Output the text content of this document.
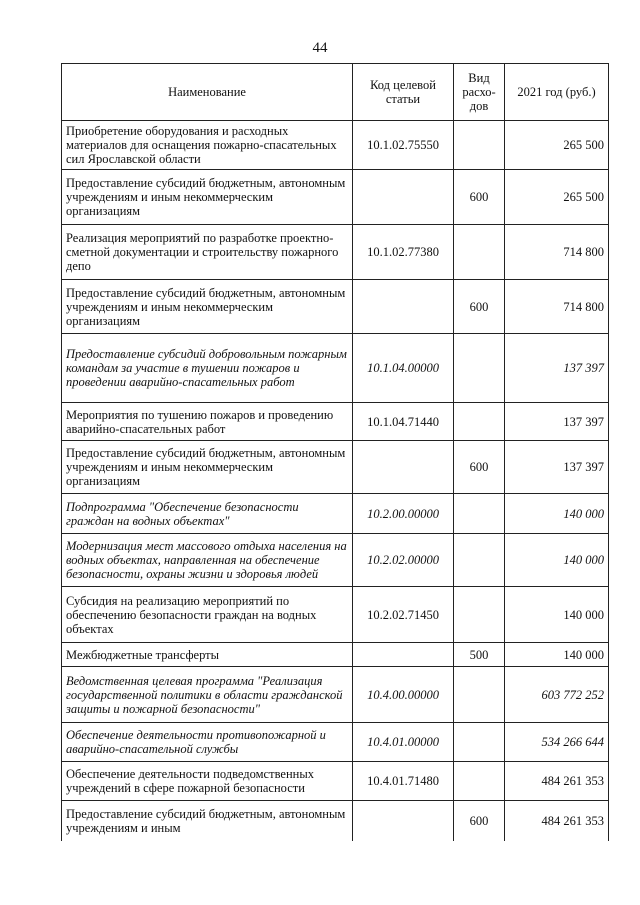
44
Наименование	Код целевой статьи	Вид расхо-дов	2021 год (руб.)
Приобретение оборудования и расходных материалов для оснащения пожарно-спасательных сил Ярославской области	10.1.02.75550		265 500
Предоставление субсидий бюджетным, автономным учреждениям и иным некоммерческим организациям		600	265 500
Реализация мероприятий по разработке проектно-сметной документации и строительству пожарного депо	10.1.02.77380		714 800
Предоставление субсидий бюджетным, автономным учреждениям и иным некоммерческим организациям		600	714 800
Предоставление субсидий добровольным пожарным командам за участие в тушении пожаров и проведении аварийно-спасательных работ	10.1.04.00000		137 397
Мероприятия по тушению пожаров и проведению аварийно-спасательных работ	10.1.04.71440		137 397
Предоставление субсидий бюджетным, автономным учреждениям и иным некоммерческим организациям		600	137 397
Подпрограмма "Обеспечение безопасности граждан на водных объектах"	10.2.00.00000		140 000
Модернизация мест массового отдыха населения на водных объектах, направленная на обеспечение безопасности, охраны жизни и здоровья людей	10.2.02.00000		140 000
Субсидия на реализацию мероприятий по обеспечению безопасности граждан на водных объектах	10.2.02.71450		140 000
Межбюджетные трансферты		500	140 000
Ведомственная целевая программа "Реализация государственной политики в области гражданской защиты и пожарной безопасности"	10.4.00.00000		603 772 252
Обеспечение деятельности противопожарной и аварийно-спасательной службы	10.4.01.00000		534 266 644
Обеспечение деятельности подведомственных учреждений в сфере пожарной безопасности	10.4.01.71480		484 261 353
Предоставление субсидий бюджетным, автономным учреждениям и иным		600	484 261 353
